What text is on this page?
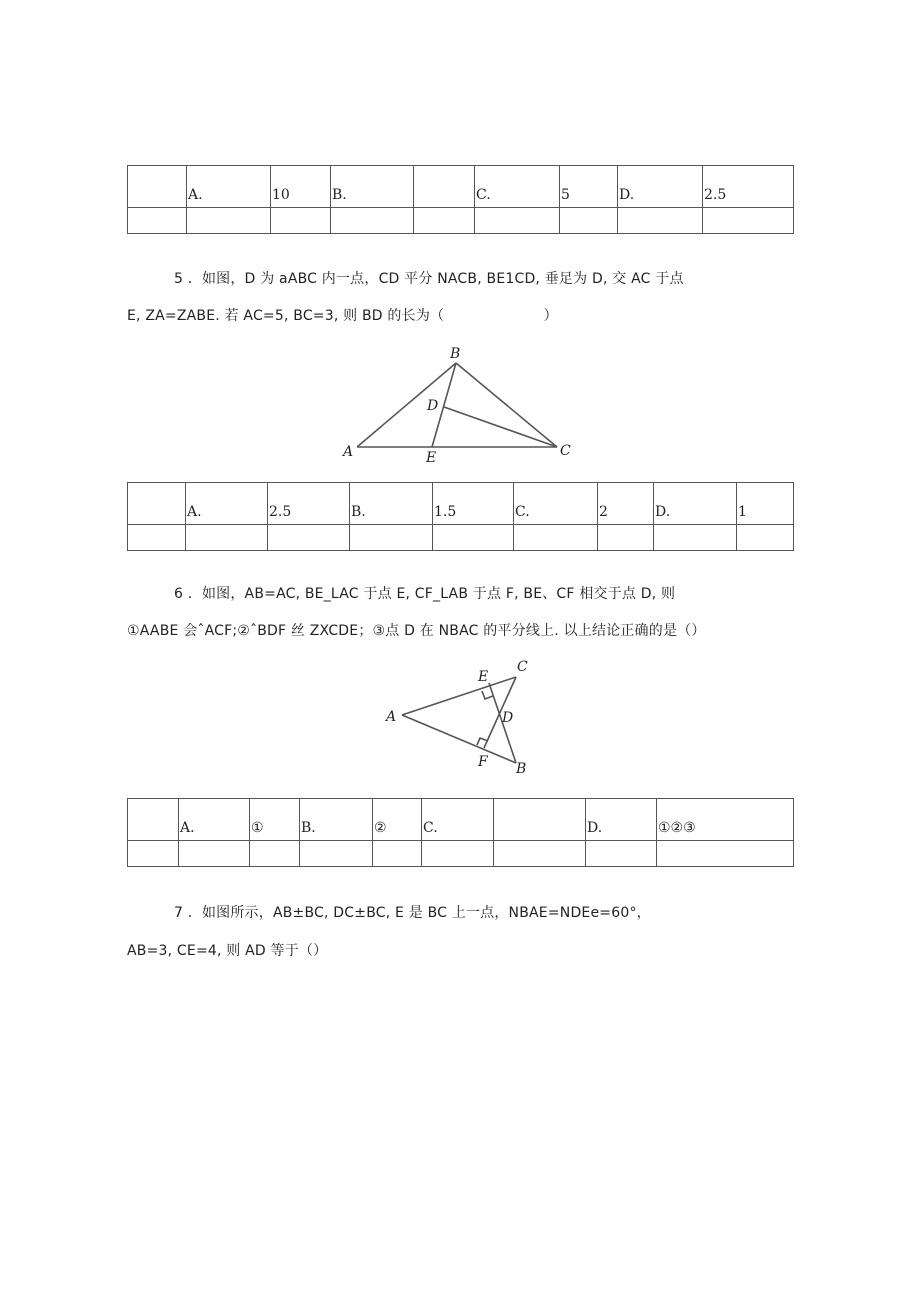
	A.	10	B.		C.	5	D.	2.5

5 ．如图，D 为 aABC 内一点，CD 平分 NACB, BE1CD, 垂足为 D, 交 AC 于点
E, ZA=ZABE. 若 AC=5, BC=3, 则 BD 的长为（　　　　　　　）
A
B
C
D
E
	A.	2.5	B.	1.5	C.	2	D.	1

6 ．如图，AB=AC, BE_LAC 于点 E, CF_LAB 于点 F, BE、CF 相交于点 D, 则
①AABE 会ˆACF;②ˆBDF 丝 ZXCDE；③点 D 在 NBAC 的平分线上. 以上结论正确的是（）
A
B
C
D
E
F
	A.	①	B.	②	C.		D.	①②③

7 ．如图所示，AB±BC, DC±BC, E 是 BC 上一点，NBAE=NDEe=60°，
AB=3, CE=4, 则 AD 等于（）
